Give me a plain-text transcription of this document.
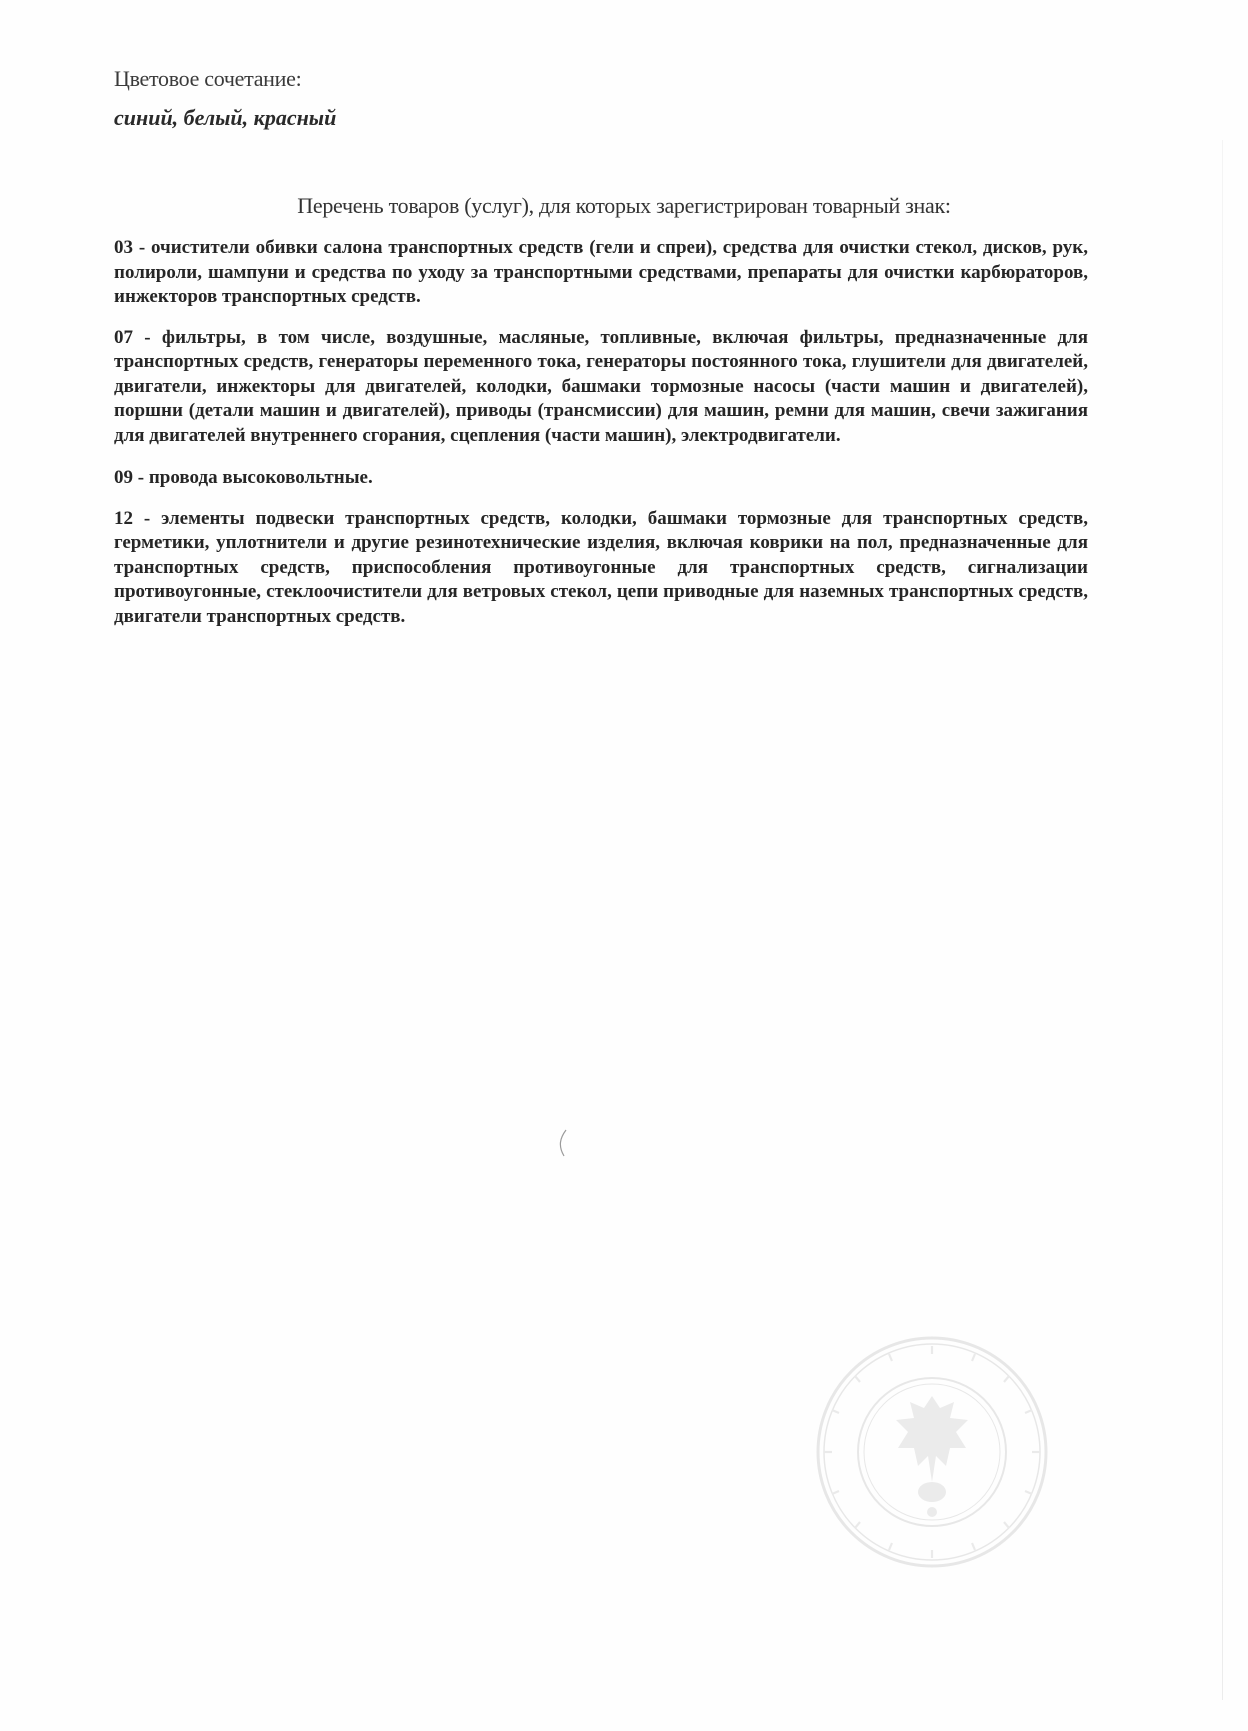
Цветовое сочетание:
синий, белый, красный
Перечень товаров (услуг), для которых зарегистрирован товарный знак:

03 - очистители обивки салона транспортных средств (гели и спреи), средства для очистки стекол, дисков, рук, полироли, шампуни и средства по уходу за транспортными средствами, препараты для очистки карбюраторов, инжекторов транспортных средств.

07 - фильтры, в том числе, воздушные, масляные, топливные, включая фильтры, предназначенные для транспортных средств, генераторы переменного тока, генераторы постоянного тока, глушители для двигателей, двигатели, инжекторы для двигателей, колодки, башмаки тормозные насосы (части машин и двигателей), поршни (детали машин и двигателей), приводы (трансмиссии) для машин, ремни для машин, свечи зажигания для двигателей внутреннего сгорания, сцепления (части машин), электродвигатели.

09 - провода высоковольтные.

12 - элементы подвески транспортных средств, колодки, башмаки тормозные для транспортных средств, герметики, уплотнители и другие резинотехнические изделия, включая коврики на пол, предназначенные для транспортных средств, приспособления противоугонные для транспортных средств, сигнализации противоугонные, стеклоочистители для ветровых стекол, цепи приводные для наземных транспортных средств, двигатели транспортных средств.
